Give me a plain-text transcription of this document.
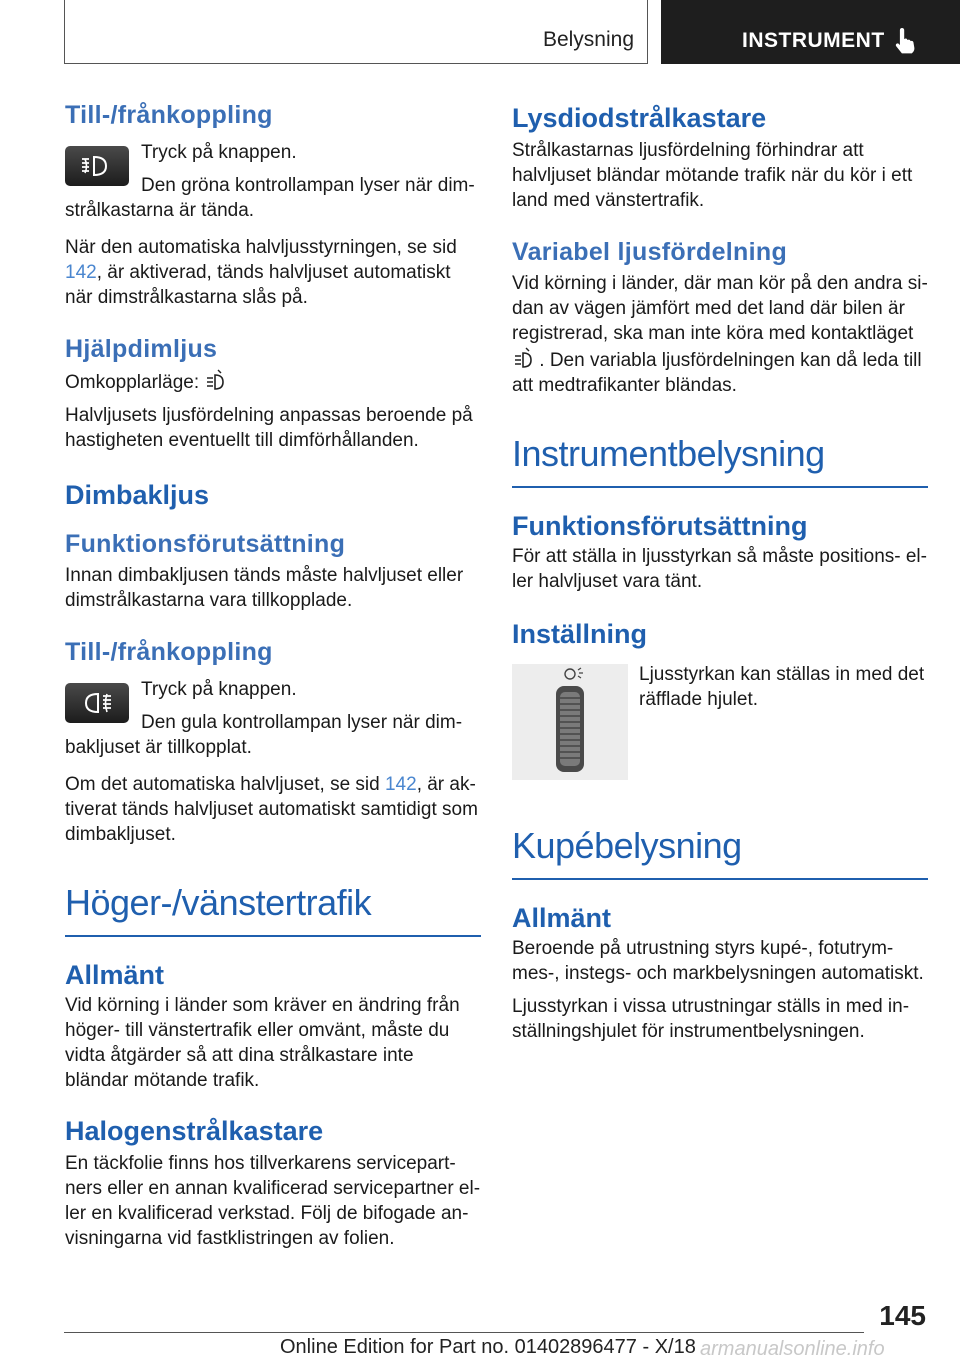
Belysning	INSTRUMENT
Till-/frånkoppling

Tryck på knappen.

Den gröna kontrollampan lyser när dimstrålkastarna är tända.

När den automatiska halvljusstyrningen, se sid 142, är aktiverad, tänds halvljuset automatiskt när dimstrålkastarna slås på.

Hjälpdimljus

Omkopplarläge:

Halvljusets ljusfördelning anpassas beroende på hastigheten eventuellt till dimförhållanden.

Dimbakljus
Funktionsförutsättning

Innan dimbakljusen tänds måste halvljuset eller dimstrålkastarna vara tillkopplade.

Till-/frånkoppling

Tryck på knappen.

Den gula kontrollampan lyser när dimbakljuset är tillkopplat.

Om det automatiska halvljuset, se sid 142, är aktiverat tänds halvljuset automatiskt samtidigt som dimbakljuset.

Höger-/vänstertrafik
Allmänt

Vid körning i länder som kräver en ändring från höger- till vänstertrafik eller omvänt, måste du vidta åtgärder så att dina strålkastare inte bländar mötande trafik.

Halogenstrålkastare

En täckfolie finns hos tillverkarens servicepartners eller en annan kvalificerad servicepartner eller en kvalificerad verkstad. Följ de bifogade anvisningarna vid fastklistringen av folien.

Lysdiodstrålkastare

Strålkastarnas ljusfördelning förhindrar att halvljuset bländar mötande trafik när du kör i ett land med vänstertrafik.

Variabel ljusfördelning

Vid körning i länder, där man kör på den andra sidan av vägen jämfört med det land där bilen är registrerad, ska man inte köra med kontaktläget  . Den variabla ljusfördelningen kan då leda till att medtrafikanter bländas.

Instrumentbelysning
Funktionsförutsättning

För att ställa in ljusstyrkan så måste positions- eller halvljuset vara tänt.

Inställning

Ljusstyrkan kan ställas in med det räfflade hjulet.

Kupébelysning
Allmänt

Beroende på utrustning styrs kupé-, fotutrymmes-, instegs- och markbelysningen automatiskt.

Ljusstyrkan i vissa utrustningar ställs in med inställningshjulet för instrumentbelysningen.

145
Online Edition for Part no. 01402896477 - X/18 armanualsonline.info
